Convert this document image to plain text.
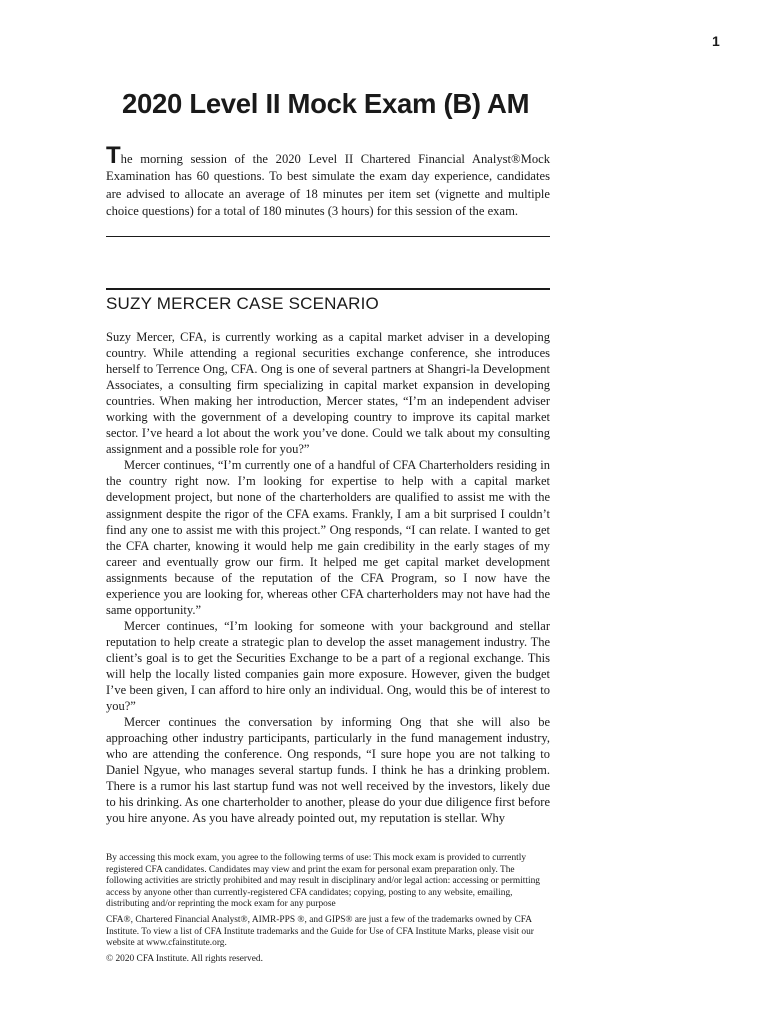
1
2020 Level II Mock Exam (B) AM

The morning session of the 2020 Level II Chartered Financial Analyst®Mock Examination has 60 questions. To best simulate the exam day experience, candidates are advised to allocate an average of 18 minutes per item set (vignette and multiple choice questions) for a total of 180 minutes (3 hours) for this session of the exam.

SUZY MERCER CASE SCENARIO

Suzy Mercer, CFA, is currently working as a capital market adviser in a developing country. While attending a regional securities exchange conference, she introduces herself to Terrence Ong, CFA. Ong is one of several partners at Shangri-la Development Associates, a consulting firm specializing in capital market expansion in developing countries. When making her introduction, Mercer states, “I’m an independent adviser working with the government of a developing country to improve its capital market sector. I’ve heard a lot about the work you’ve done. Could we talk about my consulting assignment and a possible role for you?”

Mercer continues, “I’m currently one of a handful of CFA Charterholders residing in the country right now. I’m looking for expertise to help with a capital market development project, but none of the charterholders are qualified to assist me with the assignment despite the rigor of the CFA exams. Frankly, I am a bit surprised I couldn’t find any one to assist me with this project.” Ong responds, “I can relate. I wanted to get the CFA charter, knowing it would help me gain credibility in the early stages of my career and eventually grow our firm. It helped me get capital market development assignments because of the reputation of the CFA Program, so I now have the experience you are looking for, whereas other CFA charterholders may not have had the same opportunity.”

Mercer continues, “I’m looking for someone with your background and stellar reputation to help create a strategic plan to develop the asset management industry. The client’s goal is to get the Securities Exchange to be a part of a regional exchange. This will help the locally listed companies gain more exposure. However, given the budget I’ve been given, I can afford to hire only an individual. Ong, would this be of interest to you?”

Mercer continues the conversation by informing Ong that she will also be approaching other industry participants, particularly in the fund management industry, who are attending the conference. Ong responds, “I sure hope you are not talking to Daniel Ngyue, who manages several startup funds. I think he has a drinking problem. There is a rumor his last startup fund was not well received by the investors, likely due to his drinking. As one charterholder to another, please do your due diligence first before you hire anyone. As you have already pointed out, my reputation is stellar. Why

By accessing this mock exam, you agree to the following terms of use: This mock exam is provided to currently registered CFA candidates. Candidates may view and print the exam for personal exam preparation only. The following activities are strictly prohibited and may result in disciplinary and/or legal action: accessing or permitting access by anyone other than currently-registered CFA candidates; copying, posting to any website, emailing, distributing and/or reprinting the mock exam for any purpose

CFA®, Chartered Financial Analyst®, AIMR-PPS ®, and GIPS® are just a few of the trademarks owned by CFA Institute. To view a list of CFA Institute trademarks and the Guide for Use of CFA Institute Marks, please visit our website at www.cfainstitute.org.

© 2020 CFA Institute. All rights reserved.
